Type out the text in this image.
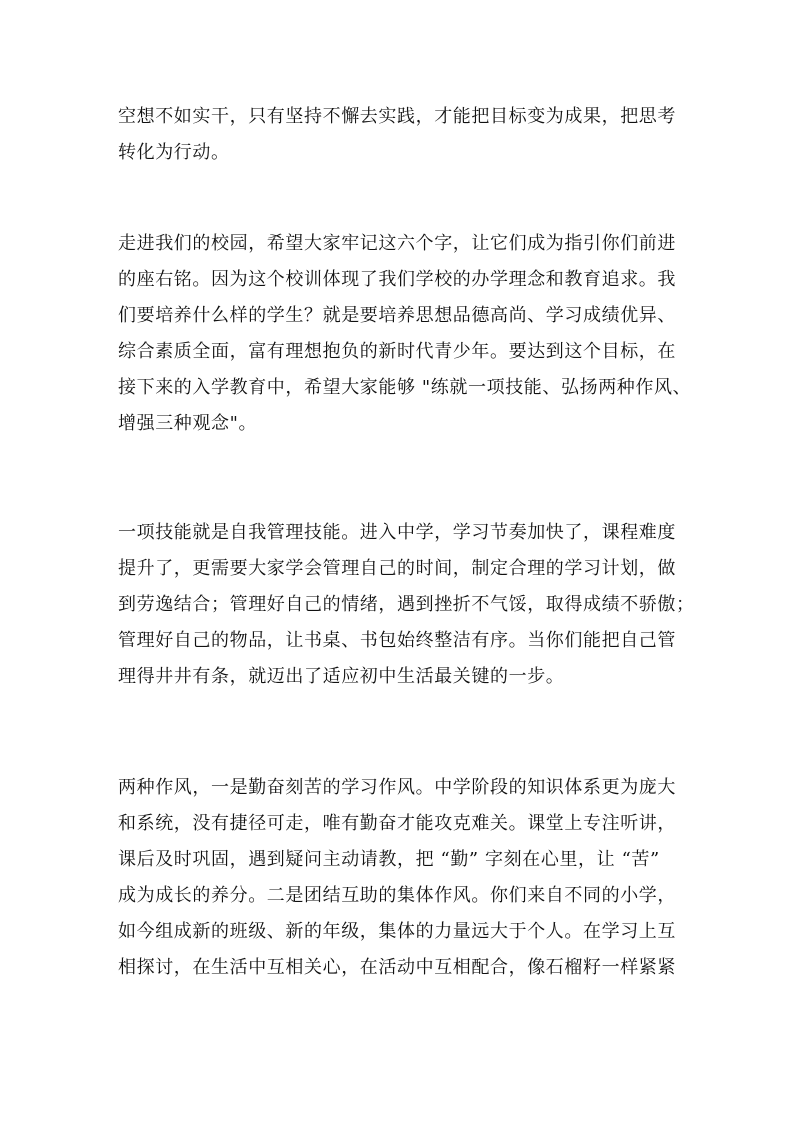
空想不如实干，只有坚持不懈去实践，才能把目标变为成果，把思考
转化为行动。
走进我们的校园，希望大家牢记这六个字，让它们成为指引你们前进
的座右铭。因为这个校训体现了我们学校的办学理念和教育追求。我
们要培养什么样的学生？就是要培养思想品德高尚、学习成绩优异、
综合素质全面，富有理想抱负的新时代青少年。要达到这个目标，在
接下来的入学教育中，希望大家能够 "练就一项技能、弘扬两种作风、
增强三种观念"。
一项技能就是自我管理技能。进入中学，学习节奏加快了，课程难度
提升了，更需要大家学会管理自己的时间，制定合理的学习计划，做
到劳逸结合；管理好自己的情绪，遇到挫折不气馁，取得成绩不骄傲；
管理好自己的物品，让书桌、书包始终整洁有序。当你们能把自己管
理得井井有条，就迈出了适应初中生活最关键的一步。
两种作风，一是勤奋刻苦的学习作风。中学阶段的知识体系更为庞大
和系统，没有捷径可走，唯有勤奋才能攻克难关。课堂上专注听讲，
课后及时巩固，遇到疑问主动请教，把 “勤” 字刻在心里，让 “苦”
成为成长的养分。二是团结互助的集体作风。你们来自不同的小学，
如今组成新的班级、新的年级，集体的力量远大于个人。在学习上互
相探讨，在生活中互相关心，在活动中互相配合，像石榴籽一样紧紧
